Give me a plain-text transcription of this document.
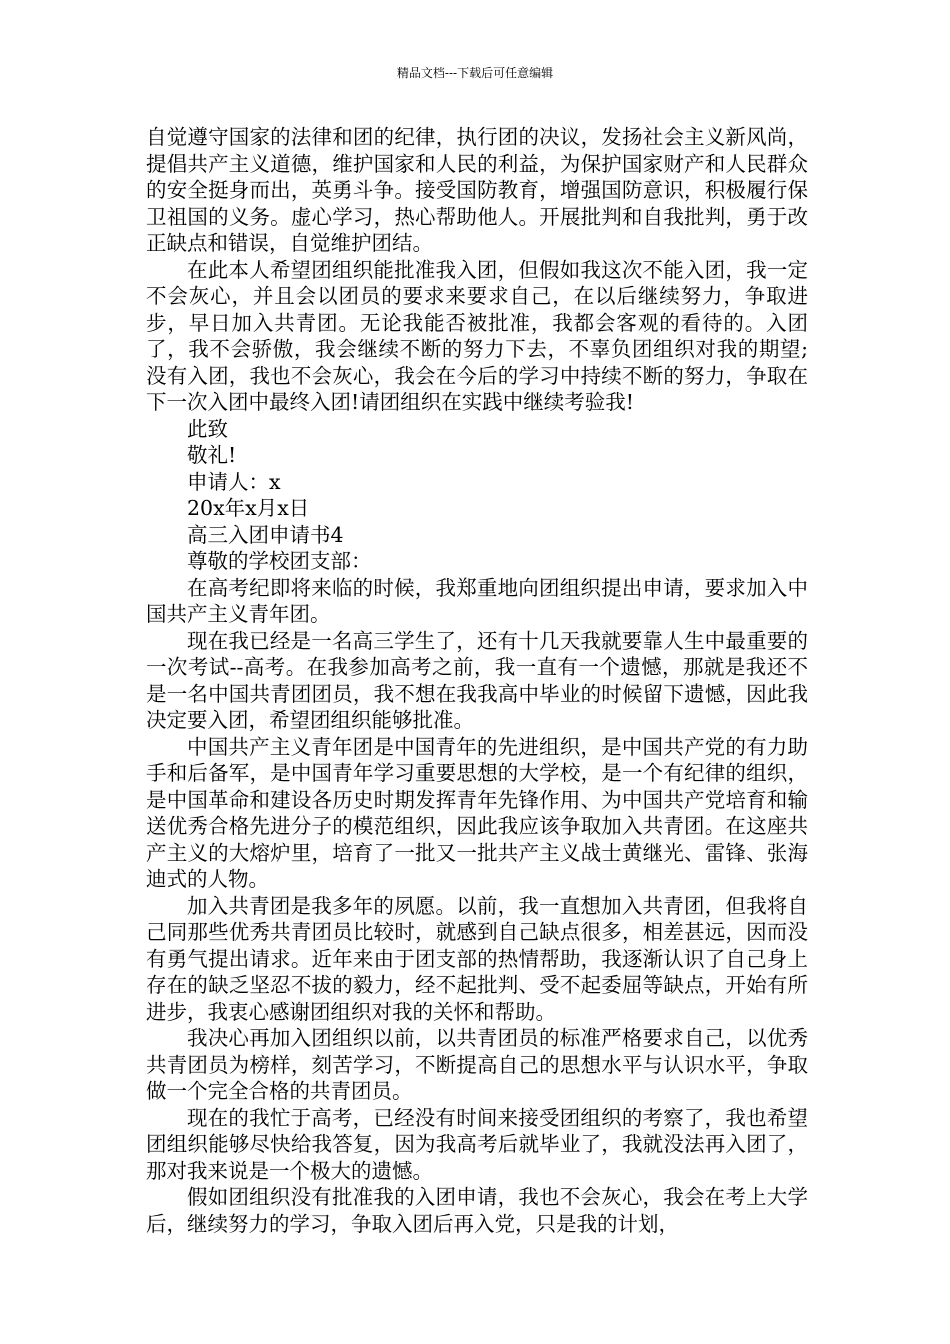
精品文档---下载后可任意编辑

自觉遵守国家的法律和团的纪律，执行团的决议，发扬社会主义新风尚，提倡共产主义道德，维护国家和人民的利益，为保护国家财产和人民群众的安全挺身而出，英勇斗争。接受国防教育，增强国防意识，积极履行保卫祖国的义务。虚心学习，热心帮助他人。开展批判和自我批判，勇于改正缺点和错误，自觉维护团结。

在此本人希望团组织能批准我入团，但假如我这次不能入团，我一定不会灰心，并且会以团员的要求来要求自己，在以后继续努力，争取进步，早日加入共青团。无论我能否被批准，我都会客观的看待的。入团了，我不会骄傲，我会继续不断的努力下去，不辜负团组织对我的期望;没有入团，我也不会灰心，我会在今后的学习中持续不断的努力，争取在下一次入团中最终入团!请团组织在实践中继续考验我!

此致

敬礼!

申请人：x

20x年x月x日

高三入团申请书4

尊敬的学校团支部：

在高考纪即将来临的时候，我郑重地向团组织提出申请，要求加入中国共产主义青年团。

现在我已经是一名高三学生了，还有十几天我就要靠人生中最重要的一次考试--高考。在我参加高考之前，我一直有一个遗憾，那就是我还不是一名中国共青团团员，我不想在我我高中毕业的时候留下遗憾，因此我决定要入团，希望团组织能够批准。

中国共产主义青年团是中国青年的先进组织，是中国共产党的有力助手和后备军，是中国青年学习重要思想的大学校，是一个有纪律的组织，是中国革命和建设各历史时期发挥青年先锋作用、为中国共产党培育和输送优秀合格先进分子的模范组织，因此我应该争取加入共青团。在这座共产主义的大熔炉里，培育了一批又一批共产主义战士黄继光、雷锋、张海迪式的人物。

加入共青团是我多年的夙愿。以前，我一直想加入共青团，但我将自己同那些优秀共青团员比较时，就感到自己缺点很多，相差甚远，因而没有勇气提出请求。近年来由于团支部的热情帮助，我逐渐认识了自己身上存在的缺乏坚忍不拔的毅力，经不起批判、受不起委屈等缺点，开始有所进步，我衷心感谢团组织对我的关怀和帮助。

我决心再加入团组织以前，以共青团员的标准严格要求自己，以优秀共青团员为榜样，刻苦学习，不断提高自己的思想水平与认识水平，争取做一个完全合格的共青团员。

现在的我忙于高考，已经没有时间来接受团组织的考察了，我也希望团组织能够尽快给我答复，因为我高考后就毕业了，我就没法再入团了，那对我来说是一个极大的遗憾。

假如团组织没有批准我的入团申请，我也不会灰心，我会在考上大学后，继续努力的学习，争取入团后再入党，只是我的计划，
